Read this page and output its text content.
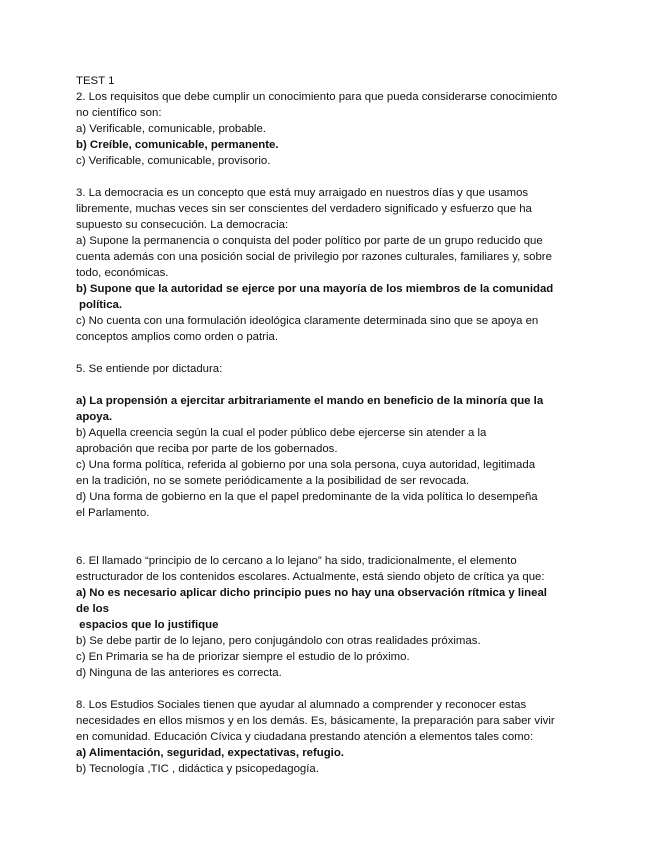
TEST 1

2. Los requisitos que debe cumplir un conocimiento para que pueda considerarse conocimiento

no científico son:

a) Verificable, comunicable, probable.

b) Creíble, comunicable, permanente.

c) Verificable, comunicable, provisorio.

3. La democracia es un concepto que está muy arraigado en nuestros días y que usamos

libremente, muchas veces sin ser conscientes del verdadero significado y esfuerzo que ha

supuesto su consecución. La democracia:

a) Supone la permanencia o conquista del poder político por parte de un grupo reducido que

cuenta además con una posición social de privilegio por razones culturales, familiares y, sobre

todo, económicas.

b) Supone que la autoridad se ejerce por una mayoría de los miembros de la comunidad

política.

c) No cuenta con una formulación ideológica claramente determinada sino que se apoya en

conceptos amplios como orden o patria.

5. Se entiende por dictadura:

a) La propensión a ejercitar arbitrariamente el mando en beneficio de la minoría que la

apoya.

b) Aquella creencia según la cual el poder público debe ejercerse sin atender a la

aprobación que reciba por parte de los gobernados.

c) Una forma política, referida al gobierno por una sola persona, cuya autoridad, legitimada

en la tradición, no se somete periódicamente a la posibilidad de ser revocada.

d) Una forma de gobierno en la que el papel predominante de la vida política lo desempeña

el Parlamento.

6. El llamado “principio de lo cercano a lo lejano” ha sido, tradicionalmente, el elemento

estructurador de los contenidos escolares. Actualmente, está siendo objeto de crítica ya que:

a) No es necesario aplicar dicho principio pues no hay una observación rítmica y lineal

de los

espacios que lo justifique

b) Se debe partir de lo lejano, pero conjugándolo con otras realidades próximas.

c) En Primaria se ha de priorizar siempre el estudio de lo próximo.

d) Ninguna de las anteriores es correcta.

8. Los Estudios Sociales tienen que ayudar al alumnado a comprender y reconocer estas

necesidades en ellos mismos y en los demás. Es, básicamente, la preparación para saber vivir

en comunidad. Educación Cívica y ciudadana prestando atención a elementos tales como:

a) Alimentación, seguridad, expectativas, refugio.

b) Tecnología ,TIC , didáctica y psicopedagogía.
